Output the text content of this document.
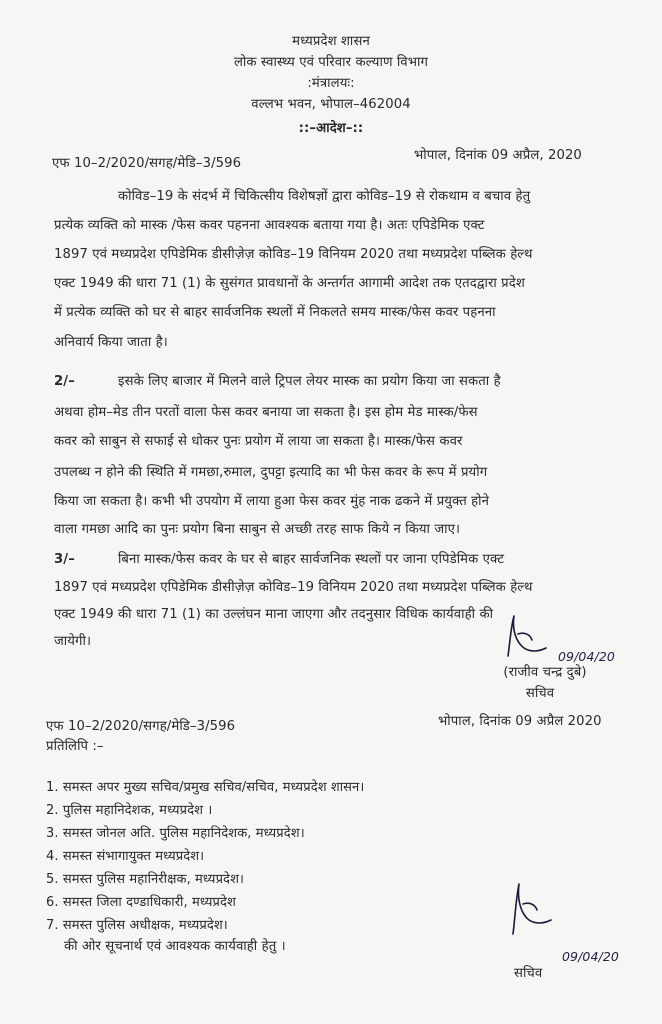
मध्यप्रदेश शासन
लोक स्वास्थ्य एवं परिवार कल्याण विभाग
:मंत्रालयः:
वल्लभ भवन, भोपाल–462004
::–आदेश–::
एफ 10–2/2020/सगह/मेडि–3/596
भोपाल, दिनांक 09 अप्रैल, 2020
कोविड–19 के संदर्भ में चिकित्सीय विशेषज्ञों द्वारा कोविड–19 से रोकथाम व बचाव हेतु
प्रत्येक व्यक्ति को मास्क /फेस कवर पहनना आवश्यक बताया गया है। अतः एपिडेमिक एक्ट
1897 एवं मध्यप्रदेश एपिडेमिक डीसीज़ेज़ कोविड–19 विनियम 2020 तथा मध्यप्रदेश पब्लिक हेल्थ
एक्ट 1949 की धारा 71 (1) के सुसंगत प्रावधानों के अन्तर्गत आगामी आदेश तक एतदद्वारा प्रदेश
में प्रत्येक व्यक्ति को घर से बाहर सार्वजनिक स्थलों में निकलते समय मास्क/फेस कवर पहनना
अनिवार्य किया जाता है।
2/–	इसके लिए बाजार में मिलने वाले ट्रिपल लेयर मास्क का प्रयोग किया जा सकता है
अथवा होम–मेड तीन परतों वाला फेस कवर बनाया जा सकता है। इस होम मेड मास्क/फेस
कवर को साबुन से सफाई से धोकर पुनः प्रयोग में लाया जा सकता है। मास्क/फेस कवर
उपलब्ध न होने की स्थिति में गमछा,रुमाल, दुपट्टा इत्यादि का भी फेस कवर के रूप में प्रयोग
किया जा सकता है। कभी भी उपयोग में लाया हुआ फेस कवर मुंह नाक ढकने में प्रयुक्त होने
वाला गमछा आदि का पुनः प्रयोग बिना साबुन से अच्छी तरह साफ किये न किया जाए।
3/–	बिना मास्क/फेस कवर के घर से बाहर सार्वजनिक स्थलों पर जाना एपिडेमिक एक्ट
1897 एवं मध्यप्रदेश एपिडेमिक डीसीज़ेज़ कोविड–19 विनियम 2020 तथा मध्यप्रदेश पब्लिक हेल्थ
एक्ट 1949 की धारा 71 (1) का उल्लंघन माना जाएगा और तदनुसार विधिक कार्यवाही की
जायेगी।
09/04/20
(राजीव चन्द्र दुबे)
सचिव
एफ 10–2/2020/सगह/मेडि–3/596	भोपाल, दिनांक 09 अप्रैल 2020
प्रतिलिपि :–
1. समस्त अपर मुख्य सचिव/प्रमुख सचिव/सचिव, मध्यप्रदेश शासन।
2. पुलिस महानिदेशक, मध्यप्रदेश ।
3. समस्त जोनल अति. पुलिस महानिदेशक, मध्यप्रदेश।
4. समस्त संभागायुक्त मध्यप्रदेश।
5. समस्त पुलिस महानिरीक्षक, मध्यप्रदेश।
6. समस्त जिला दण्डाधिकारी, मध्यप्रदेश
7. समस्त पुलिस अधीक्षक, मध्यप्रदेश।
की ओर सूचनार्थ एवं आवश्यक कार्यवाही हेतु ।
09/04/20
सचिव
